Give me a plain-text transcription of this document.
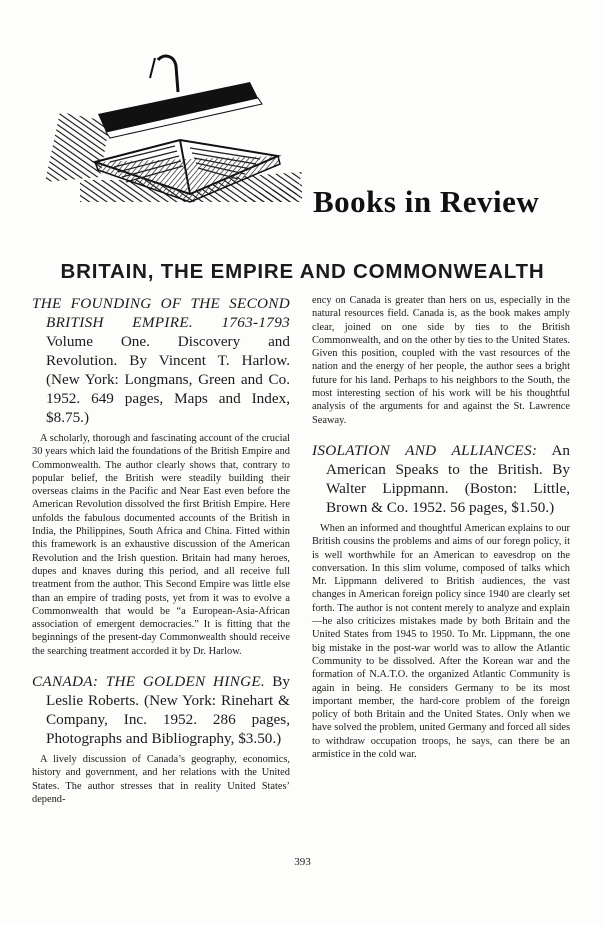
Books in Review
BRITAIN, THE EMPIRE AND COMMONWEALTH

THE FOUNDING OF THE SECOND BRITISH EMPIRE. 1763-1793 Volume One. Discovery and Revolution. By Vincent T. Harlow. (New York: Longmans, Green and Co. 1952. 649 pages, Maps and Index, $8.75.)

A scholarly, thorough and fascinating account of the crucial 30 years which laid the foundations of the British Empire and Commonwealth. The author clearly shows that, contrary to popular belief, the British were steadily building their overseas claims in the Pacific and Near East even before the American Revolution dissolved the first British Empire. Here unfolds the fabulous documented accounts of the British in India, the Philippines, South Africa and China. Fitted within this framework is an exhaustive discussion of the American Revolution and the Irish question. Britain had many heroes, dupes and knaves during this period, and all receive full treatment from the author. This Second Empire was little else than an empire of trading posts, yet from it was to evolve a Commonwealth that would be “a European-Asia-African association of emergent democracies.” It is fitting that the beginnings of the present-day Commonwealth should receive the searching treatment accorded it by Dr. Harlow.

CANADA: THE GOLDEN HINGE. By Leslie Roberts. (New York: Rinehart & Company, Inc. 1952. 286 pages, Photographs and Bibliography, $3.50.)

A lively discussion of Canada’s geography, economics, history and government, and her relations with the United States. The author stresses that in reality United States’ depend-

ency on Canada is greater than hers on us, especially in the natural resources field. Canada is, as the book makes amply clear, joined on one side by ties to the British Commonwealth, and on the other by ties to the United States. Given this position, coupled with the vast resources of the nation and the energy of her people, the author sees a bright future for his land. Perhaps to his neighbors to the South, the most interesting section of his work will be his thoughtful analysis of the arguments for and against the St. Lawrence Seaway.

ISOLATION AND ALLIANCES: An American Speaks to the British. By Walter Lippmann. (Boston: Little, Brown & Co. 1952. 56 pages, $1.50.)

When an informed and thoughtful American explains to our British cousins the problems and aims of our foregn policy, it is well worthwhile for an American to eavesdrop on the conversation. In this slim volume, composed of talks which Mr. Lippmann delivered to British audiences, the vast changes in American foreign policy since 1940 are clearly set forth. The author is not content merely to analyze and explain—he also criticizes mistakes made by both Britain and the United States from 1945 to 1950. To Mr. Lippmann, the one big mistake in the post-war world was to allow the Atlantic Community to be dissolved. After the Korean war and the formation of N.A.T.O. the organized Atlantic Community is again in being. He considers Germany to be its most important member, the hard-core problem of the foreign policy of both Britain and the United States. Only when we have solved the problem, united Germany and forced all sides to withdraw occupation troops, he says, can there be an armistice in the cold war.

393
